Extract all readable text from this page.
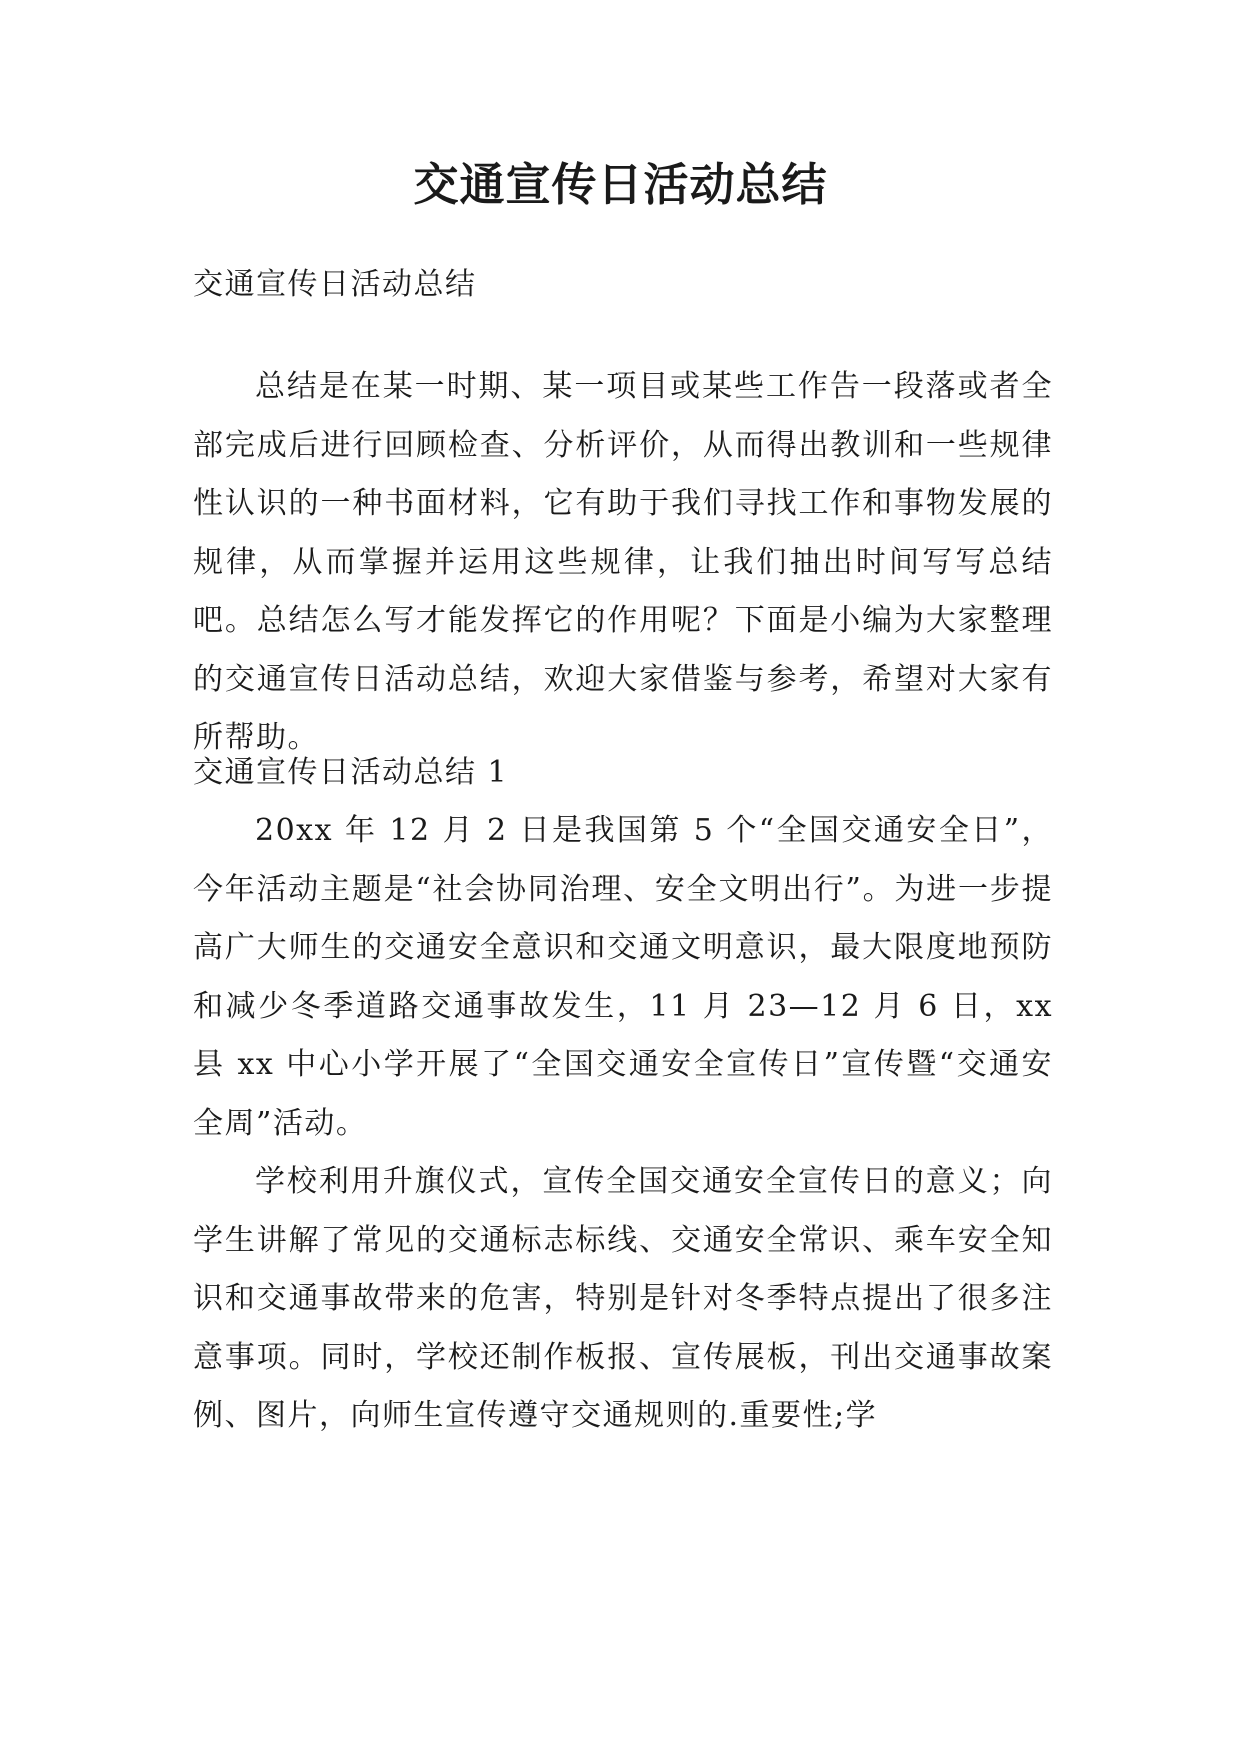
交通宣传日活动总结
交通宣传日活动总结

总结是在某一时期、某一项目或某些工作告一段落或者全部完成后进行回顾检查、分析评价，从而得出教训和一些规律性认识的一种书面材料，它有助于我们寻找工作和事物发展的规律，从而掌握并运用这些规律，让我们抽出时间写写总结吧。总结怎么写才能发挥它的作用呢？下面是小编为大家整理的交通宣传日活动总结，欢迎大家借鉴与参考，希望对大家有所帮助。

交通宣传日活动总结 1

20xx 年 12 月 2 日是我国第 5 个“全国交通安全日”，今年活动主题是“社会协同治理、安全文明出行”。为进一步提高广大师生的交通安全意识和交通文明意识，最大限度地预防和减少冬季道路交通事故发生，11 月 23—12 月 6 日，xx 县 xx 中心小学开展了“全国交通安全宣传日”宣传暨“交通安全周”活动。

学校利用升旗仪式，宣传全国交通安全宣传日的意义；向学生讲解了常见的交通标志标线、交通安全常识、乘车安全知识和交通事故带来的危害，特别是针对冬季特点提出了很多注意事项。同时，学校还制作板报、宣传展板，刊出交通事故案例、图片，向师生宣传遵守交通规则的.重要性;学
